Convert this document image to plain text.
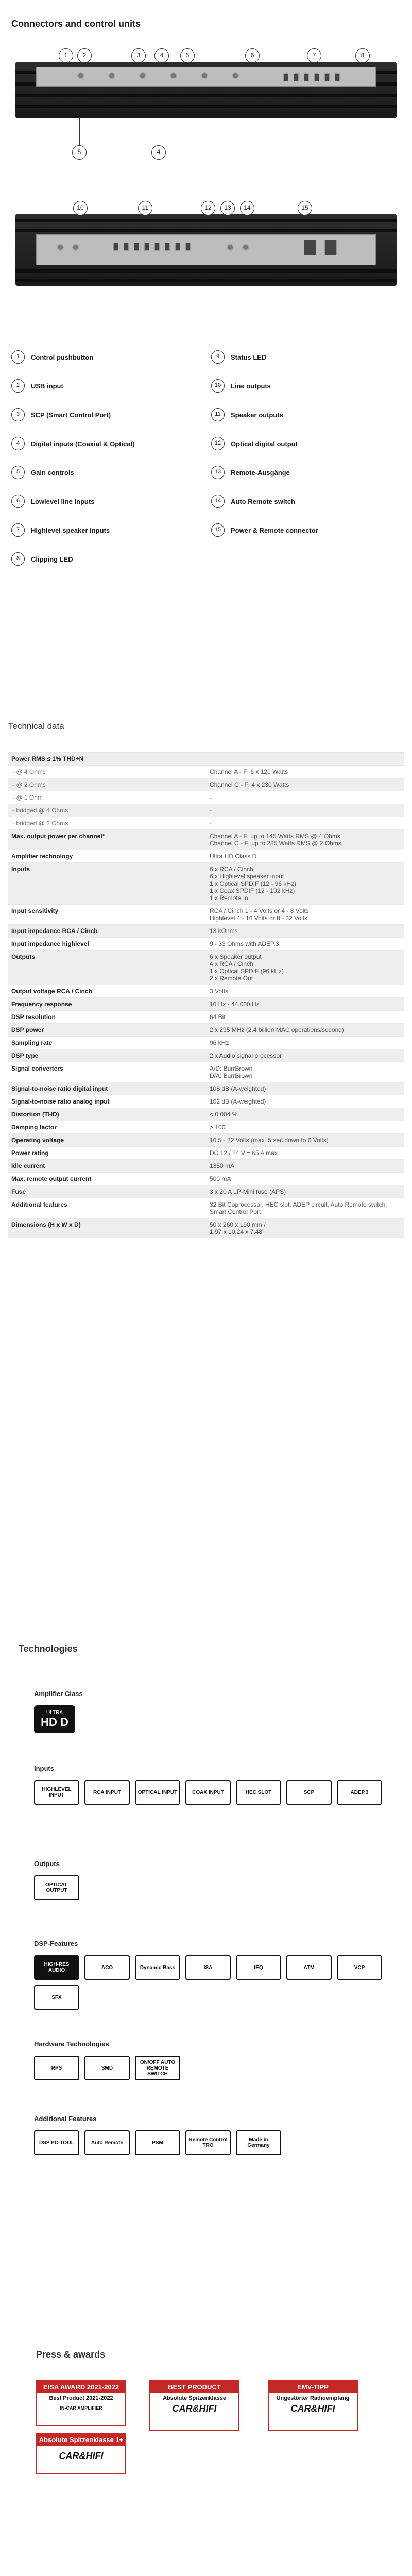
Connectors and control units
1	2	3	4	5	6	7	8
5	4
10	11	12	13	14	15
1	Control pushbutton	9	Status LED
2	USB input	10	Line outputs
3	SCP (Smart Control Port)	11	Speaker outputs
4	Digital inputs (Coaxial & Optical)	12	Optical digital output
5	Gain controls	13	Remote-Ausgänge
6	Lowlevel line inputs	14	Auto Remote switch
7	Highlevel speaker inputs	15	Power & Remote connector
8	Clipping LED
Technical data
Power RMS ≤ 1% THD+N	
- @ 4 Ohms	Channel A - F: 6 x 120 Watts
- @ 2 Ohms	Channel C - F: 4 x 230 Watts
- @ 1 Ohm	-
- bridged @ 4 Ohms	-
- bridged @ 2 Ohms	-
Max. output power per channel*	Channel A - F: up to 145 Watts RMS @ 4 Ohms
Channel C - F: up to 285 Watts RMS @ 2 Ohms
Amplifier technology	Ultra HD Class D
Inputs	6 x RCA / Cinch
6 x Highlevel speaker input
1 x Optical SPDIF (12 - 96 kHz)
1 x Coax SPDIF (12 - 192 kHz)
1 x Remote In
Input sensitivity	RCA / Cinch 1 - 4 Volts or 4 - 8 Volts
Highlevel 4 - 16 Volts or 8 - 32 Volts
Input impedance RCA / Cinch	13 kOhms
Input impedance highlevel	9 - 33 Ohms with ADEP.3
Outputs	6 x Speaker output
4 x RCA / Cinch
1 x Optical SPDIF (96 kHz)
2 x Remote Out
Output voltage RCA / Cinch	3 Volts
Frequency response	10 Hz - 44,000 Hz
DSP resolution	64 Bit
DSP power	2 x 295 MHz (2.4 billion MAC operations/second)
Sampling rate	96 kHz
DSP type	2 x Audio signal processor
Signal converters	A/D: BurrBrown
D/A: BurrBrown
Signal-to-noise ratio digital input	108 dB (A-weighted)
Signal-to-noise ratio analog input	102 dB (A-weighted)
Distortion (THD)	< 0.004 %
Damping factor	> 100
Operating voltage	10.5 - 22 Volts (max. 5 sec.down to 6 Volts)
Power rating	DC 12 / 24 V = 65 A max.
Idle current	1350 mA
Max. remote output current	500 mA
Fuse	3 x 20 A LP-Mini fuse (APS)
Additional features	32 Bit Coprocessor, HEC slot, ADEP circuit, Auto Remote switch, Smart Control Port
Dimensions (H x W x D)	50 x 260 x 190 mm /
1.97 x 10.24 x 7.48"
Technologies
Amplifier Class
ULTRA
HD D
Inputs
HIGHLEVEL INPUT	RCA INPUT	OPTICAL INPUT	COAX INPUT	HEC SLOT	SCP	ADEP.3
Outputs
OPTICAL OUTPUT
DSP-Features
HIGH-RES AUDIO	ACO	Dynamic Bass	ISA	IEQ	ATM	VCP
SFX
Hardware Technologies
RPS	SMD
ON/OFF AUTO REMOTE SWITCH
Additional Features
DSP PC-TOOL	Auto Remote	PSM	Remote Control TRO
Made in Germany
Press & awards
EISA AWARD 2021-2022
Best Product 2021-2022
IN-CAR AMPLIFIER
BEST PRODUCT
Absolute Spitzenklasse
CAR&HIFI
EMV-TIPP
Ungestörter Radioempfang
CAR&HIFI
Absolute Spitzenklasse 1+
CAR&HIFI
